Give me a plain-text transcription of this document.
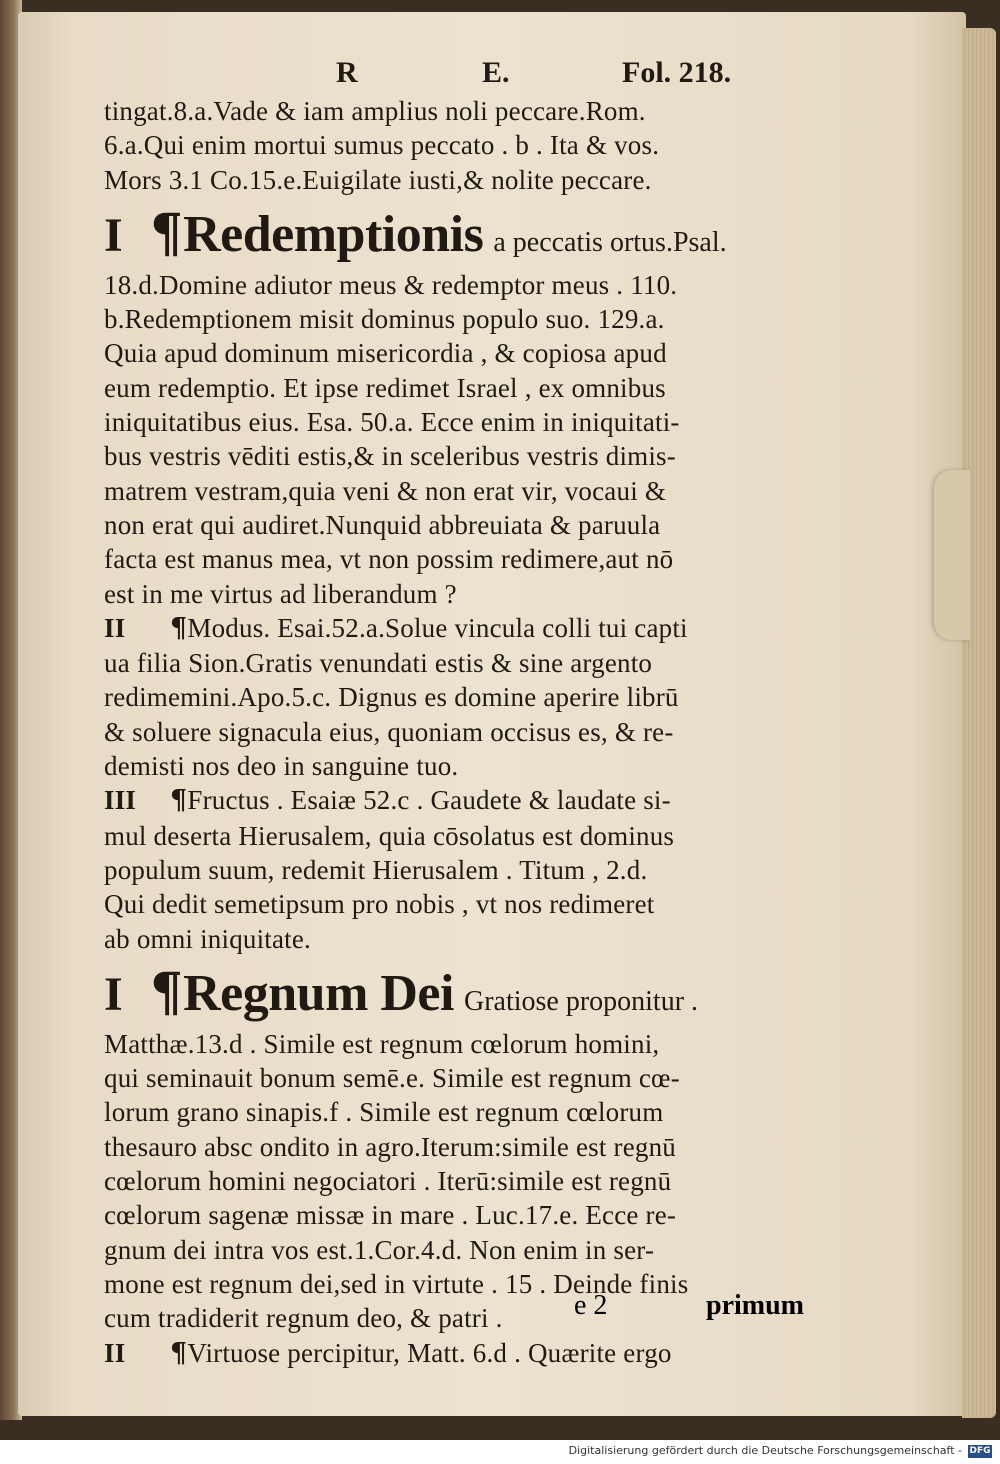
R	E.	Fol. 218.
tingat.8.a.Vade & iam amplius noli peccare.Rom.
6.a.Qui enim mortui sumus peccato . b . Ita & vos.
Mors 3.1 Co.15.e.Euigilate iusti,& nolite peccare.
I ¶ Redemptionis a peccatis ortus.Psal.
18.d.Domine adiutor meus & redemptor meus . 110.
b.Redemptionem misit dominus populo suo. 129.a.
Quia apud dominum misericordia , & copiosa apud
eum redemptio. Et ipse redimet Israel , ex omnibus
iniquitatibus eius. Esa. 50.a. Ecce enim in iniquitati-
bus vestris vēditi estis,& in sceleribus vestris dimis-
matrem vestram,quia veni & non erat vir, vocaui &
non erat qui audiret.Nunquid abbreuiata & paruula
facta est manus mea, vt non possim redimere,aut nō
est in me virtus ad liberandum ?
II ¶Modus. Esai.52.a.Solue vincula colli tui capti
ua filia Sion.Gratis venundati estis & sine argento
redimemini.Apo.5.c. Dignus es domine aperire librū
& soluere signacula eius, quoniam occisus es, & re-
demisti nos deo in sanguine tuo.
III ¶Fructus . Esaiæ 52.c . Gaudete & laudate si-
mul deserta Hierusalem, quia cōsolatus est dominus
populum suum, redemit Hierusalem . Titum , 2.d.
Qui dedit semetipsum pro nobis , vt nos redimeret
ab omni iniquitate.
I ¶ Regnum Dei Gratiose proponitur .
Matthæ.13.d . Simile est regnum cœlorum homini,
qui seminauit bonum semē.e. Simile est regnum cœ-
lorum grano sinapis.f . Simile est regnum cœlorum
thesauro absc ondito in agro.Iterum:simile est regnū
cœlorum homini negociatori . Iterū:simile est regnū
cœlorum sagenæ missæ in mare . Luc.17.e. Ecce re-
gnum dei intra vos est.1.Cor.4.d. Non enim in ser-
mone est regnum dei,sed in virtute . 15 . Deinde finis
cum tradiderit regnum deo, & patri .
II ¶Virtuose percipitur, Matt. 6.d . Quærite ergo
e 2	primum
Digitalisierung gefördert durch die Deutsche Forschungsgemeinschaft - DFG
